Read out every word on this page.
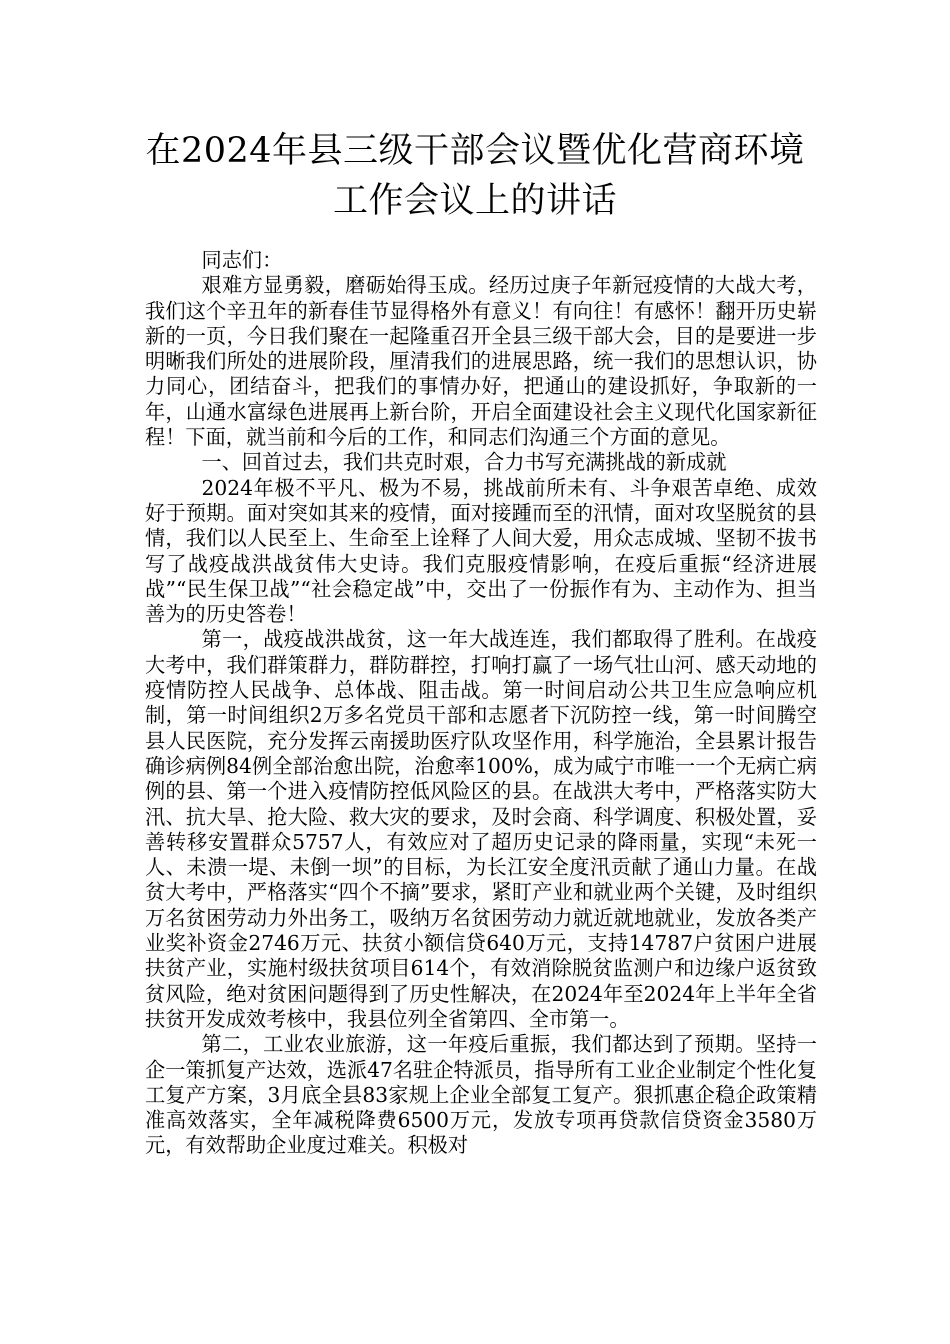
在2024年县三级干部会议暨优化营商环境
工作会议上的讲话

同志们：

艰难方显勇毅，磨砺始得玉成。经历过庚子年新冠疫情的大战大考，我们这个辛丑年的新春佳节显得格外有意义！有向往！有感怀！翻开历史崭新的一页，今日我们聚在一起隆重召开全县三级干部大会，目的是要进一步明晰我们所处的进展阶段，厘清我们的进展思路，统一我们的思想认识，协力同心，团结奋斗，把我们的事情办好，把通山的建设抓好，争取新的一年，山通水富绿色进展再上新台阶，开启全面建设社会主义现代化国家新征程！下面，就当前和今后的工作，和同志们沟通三个方面的意见。

一、回首过去，我们共克时艰，合力书写充满挑战的新成就

2024年极不平凡、极为不易，挑战前所未有、斗争艰苦卓绝、成效好于预期。面对突如其来的疫情，面对接踵而至的汛情，面对攻坚脱贫的县情，我们以人民至上、生命至上诠释了人间大爱，用众志成城、坚韧不拔书写了战疫战洪战贫伟大史诗。我们克服疫情影响，在疫后重振“经济进展战”“民生保卫战”“社会稳定战”中，交出了一份振作有为、主动作为、担当善为的历史答卷！

第一，战疫战洪战贫，这一年大战连连，我们都取得了胜利。在战疫大考中，我们群策群力，群防群控，打响打赢了一场气壮山河、感天动地的疫情防控人民战争、总体战、阻击战。第一时间启动公共卫生应急响应机制，第一时间组织2万多名党员干部和志愿者下沉防控一线，第一时间腾空县人民医院，充分发挥云南援助医疗队攻坚作用，科学施治，全县累计报告确诊病例84例全部治愈出院，治愈率100%，成为咸宁市唯一一个无病亡病例的县、第一个进入疫情防控低风险区的县。在战洪大考中，严格落实防大汛、抗大旱、抢大险、救大灾的要求，及时会商、科学调度、积极处置，妥善转移安置群众5757人，有效应对了超历史记录的降雨量，实现“未死一人、未溃一堤、未倒一坝”的目标，为长江安全度汛贡献了通山力量。在战贫大考中，严格落实“四个不摘”要求，紧盯产业和就业两个关键，及时组织万名贫困劳动力外出务工，吸纳万名贫困劳动力就近就地就业，发放各类产业奖补资金2746万元、扶贫小额信贷640万元，支持14787户贫困户进展扶贫产业，实施村级扶贫项目614个，有效消除脱贫监测户和边缘户返贫致贫风险，绝对贫困问题得到了历史性解决，在2024年至2024年上半年全省扶贫开发成效考核中，我县位列全省第四、全市第一。

第二，工业农业旅游，这一年疫后重振，我们都达到了预期。坚持一企一策抓复产达效，选派47名驻企特派员，指导所有工业企业制定个性化复工复产方案，3月底全县83家规上企业全部复工复产。狠抓惠企稳企政策精准高效落实，全年减税降费6500万元，发放专项再贷款信贷资金3580万元，有效帮助企业度过难关。积极对
